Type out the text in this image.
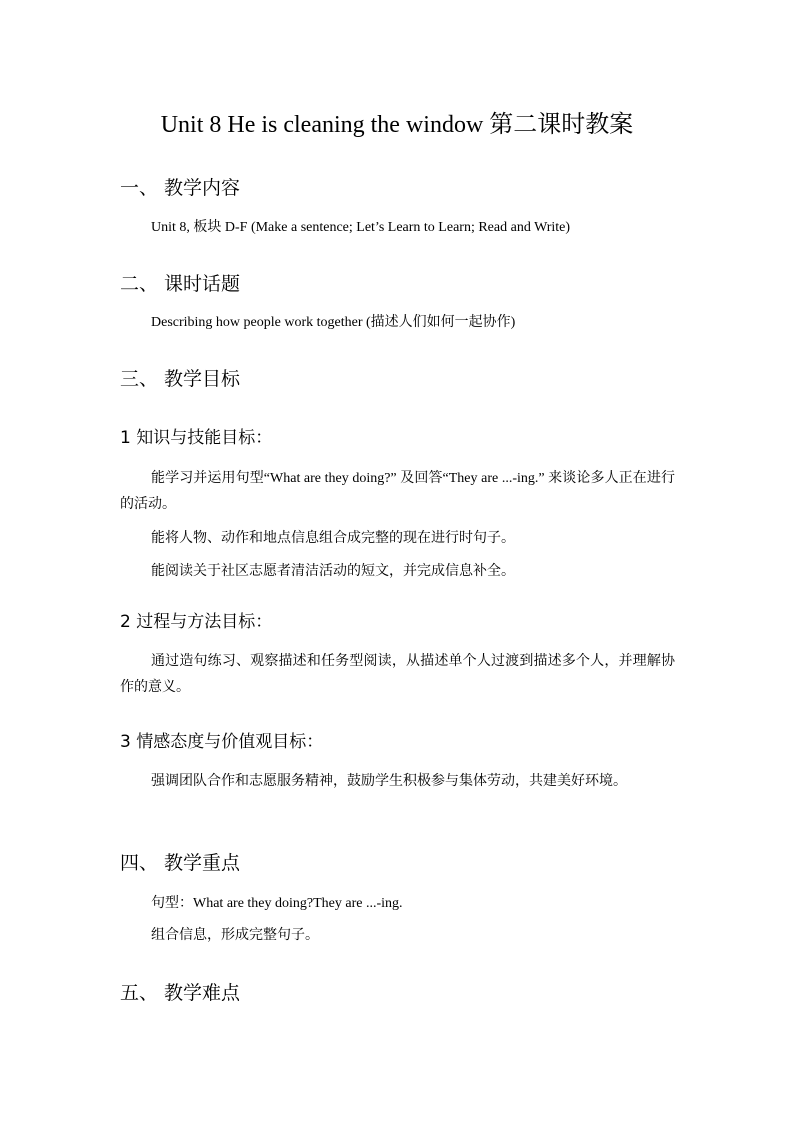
Unit 8 He is cleaning the window 第二课时教案
一、 教学内容
Unit 8, 板块 D-F (Make a sentence; Let’s Learn to Learn; Read and Write)
二、 课时话题
Describing how people work together (描述人们如何一起协作)
三、 教学目标
1 知识与技能目标：
能学习并运用句型“What are they doing?” 及回答“They are ...-ing.” 来谈论多人正在进行的活动。
能将人物、动作和地点信息组合成完整的现在进行时句子。
能阅读关于社区志愿者清洁活动的短文，并完成信息补全。
2 过程与方法目标：
通过造句练习、观察描述和任务型阅读，从描述单个人过渡到描述多个人，并理解协作的意义。
3 情感态度与价值观目标：
强调团队合作和志愿服务精神，鼓励学生积极参与集体劳动，共建美好环境。
四、 教学重点
句型：What are they doing?They are ...-ing.
组合信息，形成完整句子。
五、 教学难点
